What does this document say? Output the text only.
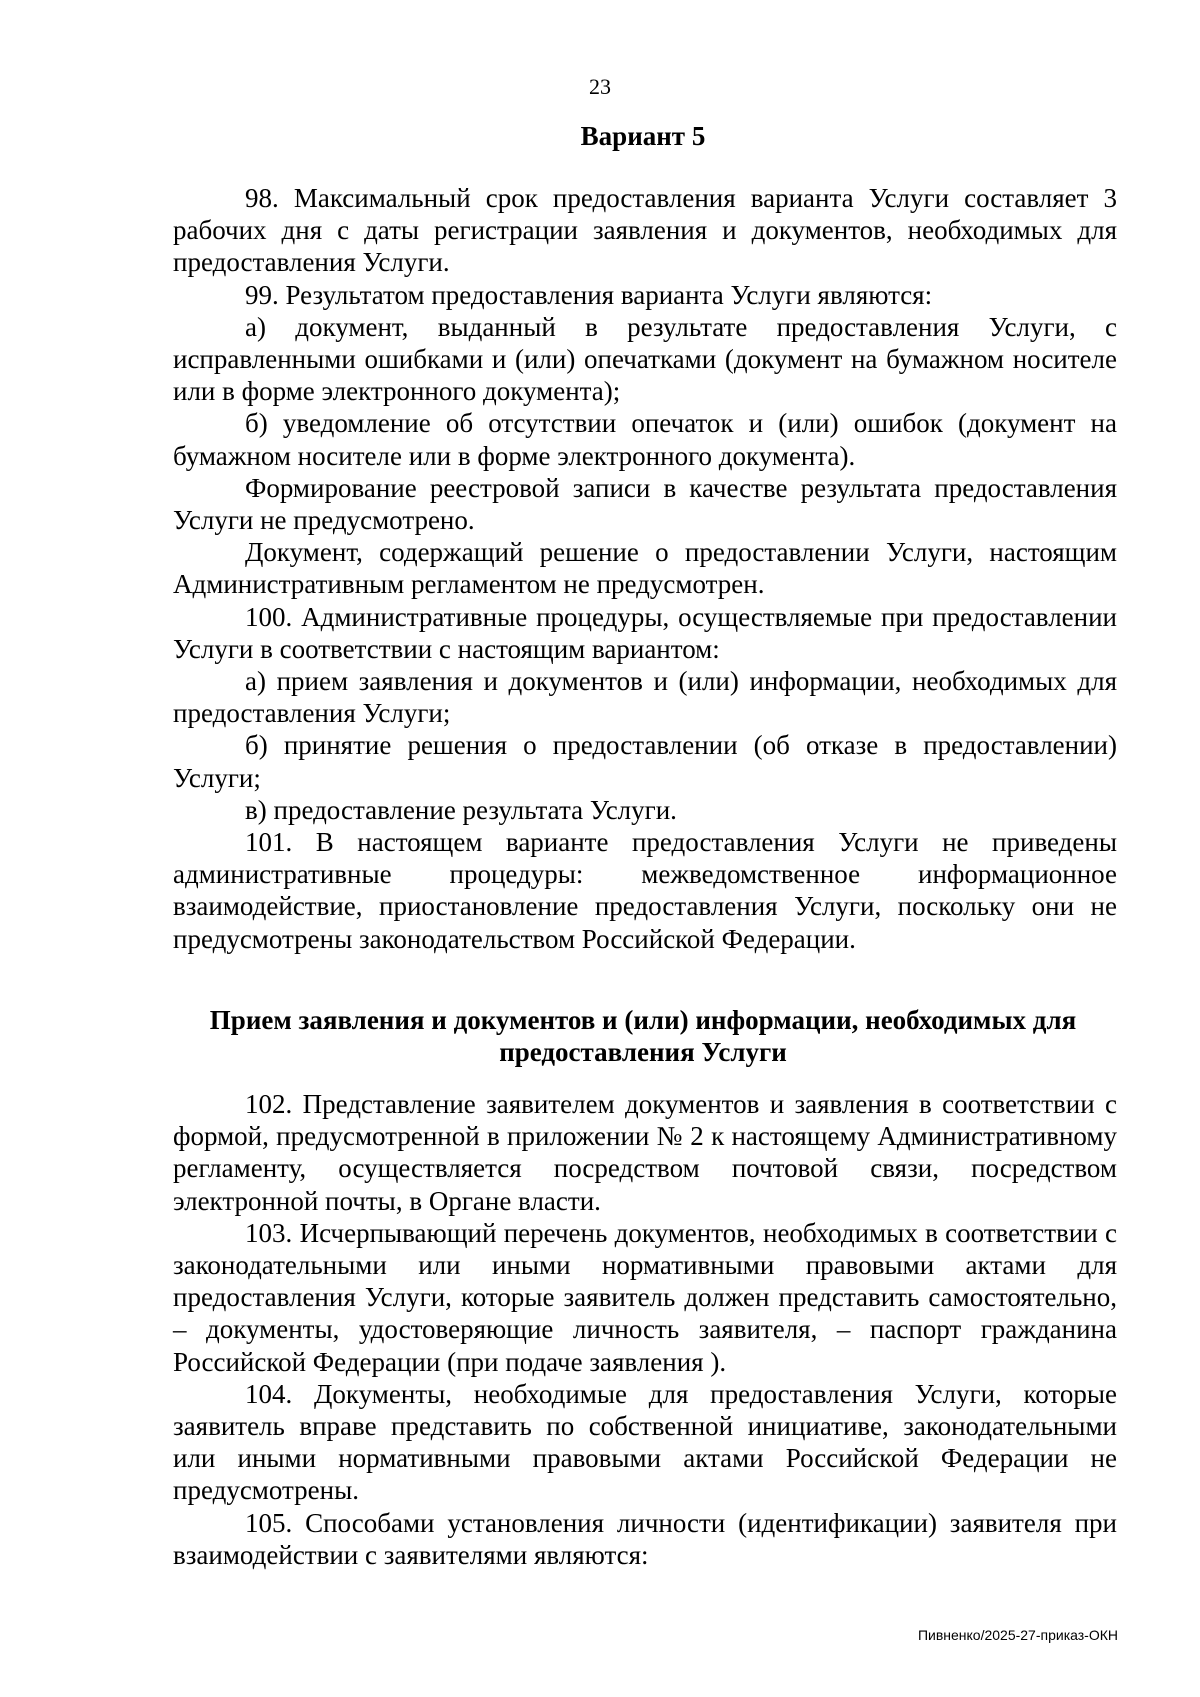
23
Вариант 5

98. Максимальный срок предоставления варианта Услуги составляет 3 рабочих дня с даты регистрации заявления и документов, необходимых для предоставления Услуги.

99. Результатом предоставления варианта Услуги являются:

а) документ, выданный в результате предоставления Услуги, с исправленными ошибками и (или) опечатками (документ на бумажном носителе или в форме электронного документа);

б) уведомление об отсутствии опечаток и (или) ошибок (документ на бумажном носителе или в форме электронного документа).

Формирование реестровой записи в качестве результата предоставления Услуги не предусмотрено.

Документ, содержащий решение о предоставлении Услуги, настоящим Административным регламентом не предусмотрен.

100. Административные процедуры, осуществляемые при предоставлении Услуги в соответствии с настоящим вариантом:

а) прием заявления и документов и (или) информации, необходимых для предоставления Услуги;

б) принятие решения о предоставлении (об отказе в предоставлении) Услуги;

в) предоставление результата Услуги.

101. В настоящем варианте предоставления Услуги не приведены административные процедуры: межведомственное информационное взаимодействие, приостановление предоставления Услуги, поскольку они не предусмотрены законодательством Российской Федерации.

Прием заявления и документов и (или) информации, необходимых для предоставления Услуги

102. Представление заявителем документов и заявления в соответствии с формой, предусмотренной в приложении № 2 к настоящему Административному регламенту, осуществляется посредством почтовой связи, посредством электронной почты, в Органе власти.

103. Исчерпывающий перечень документов, необходимых в соответствии с законодательными или иными нормативными правовыми актами для предоставления Услуги, которые заявитель должен представить самостоятельно, – документы, удостоверяющие личность заявителя, – паспорт гражданина Российской Федерации (при подаче заявления ).

104. Документы, необходимые для предоставления Услуги, которые заявитель вправе представить по собственной инициативе, законодательными или иными нормативными правовыми актами Российской Федерации не предусмотрены.

105. Способами установления личности (идентификации) заявителя при взаимодействии с заявителями являются:

Пивненко/2025-27-приказ-ОКН
